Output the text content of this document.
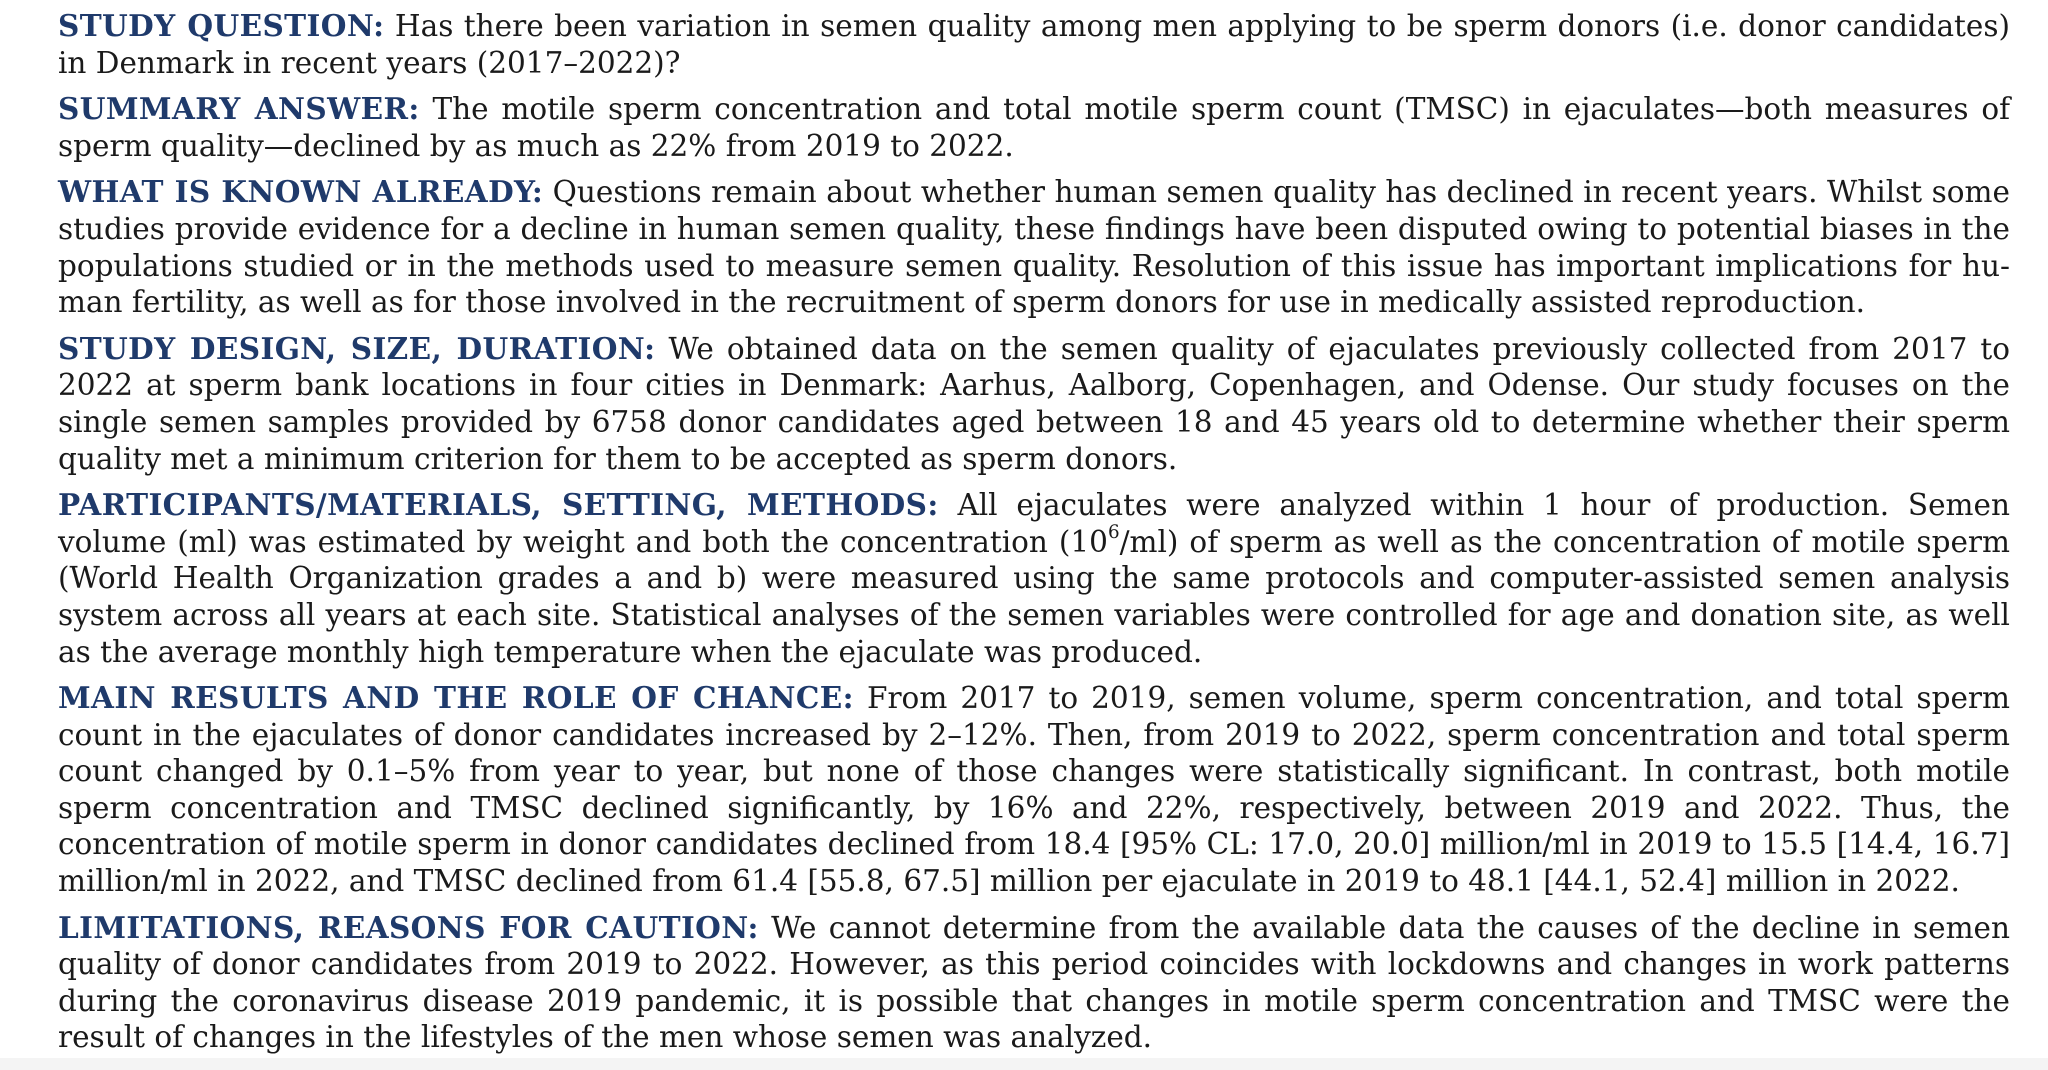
STUDY QUESTION: Has there been variation in semen quality among men applying to be sperm donors (i.e. donor candidates) in Denmark in recent years (2017–2022)?

SUMMARY ANSWER: The motile sperm concentration and total motile sperm count (TMSC) in ejaculates—both measures of sperm quality—declined by as much as 22% from 2019 to 2022.

WHAT IS KNOWN ALREADY: Questions remain about whether human semen quality has declined in recent years. Whilst some studies provide evidence for a decline in human semen quality, these findings have been disputed owing to potential biases in the populations studied or in the methods used to measure semen quality. Resolution of this issue has important implications for human fertility, as well as for those involved in the recruitment of sperm donors for use in medically assisted reproduction.

STUDY DESIGN, SIZE, DURATION: We obtained data on the semen quality of ejaculates previously collected from 2017 to 2022 at sperm bank locations in four cities in Denmark: Aarhus, Aalborg, Copenhagen, and Odense. Our study focuses on the single semen samples provided by 6758 donor candidates aged between 18 and 45 years old to determine whether their sperm quality met a minimum criterion for them to be accepted as sperm donors.

PARTICIPANTS/MATERIALS, SETTING, METHODS: All ejaculates were analyzed within 1 hour of production. Semen volume (ml) was estimated by weight and both the concentration $(10^6/ml)$ of sperm as well as the concentration of motile sperm (World Health Organization grades a and b) were measured using the same protocols and computer-assisted semen analysis system across all years at each site. Statistical analyses of the semen variables were controlled for age and donation site, as well as the average monthly high temperature when the ejaculate was produced.

MAIN RESULTS AND THE ROLE OF CHANCE: From 2017 to 2019, semen volume, sperm concentration, and total sperm count in the ejaculates of donor candidates increased by 2–12%. Then, from 2019 to 2022, sperm concentration and total sperm count changed by 0.1–5% from year to year, but none of those changes were statistically significant. In contrast, both motile sperm concentration and TMSC declined significantly, by 16% and 22%, respectively, between 2019 and 2022. Thus, the concentration of motile sperm in donor candidates declined from 18.4 [95% CL: 17.0, 20.0] million/ml in 2019 to 15.5 [14.4, 16.7] million/ml in 2022, and TMSC declined from 61.4 [55.8, 67.5] million per ejaculate in 2019 to 48.1 [44.1, 52.4] million in 2022.

LIMITATIONS, REASONS FOR CAUTION: We cannot determine from the available data the causes of the decline in semen quality of donor candidates from 2019 to 2022. However, as this period coincides with lockdowns and changes in work patterns during the coronavirus disease 2019 pandemic, it is possible that changes in motile sperm concentration and TMSC were the result of changes in the lifestyles of the men whose semen was analyzed.
